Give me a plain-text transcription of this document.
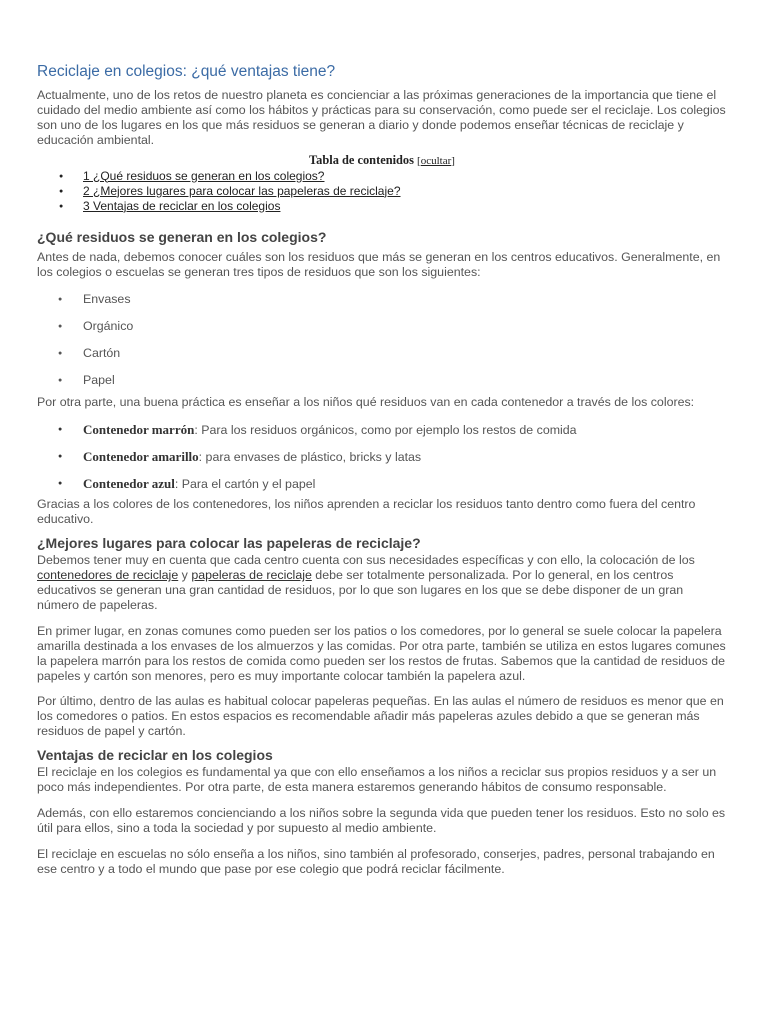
Reciclaje en colegios: ¿qué ventajas tiene?

Actualmente, uno de los retos de nuestro planeta es concienciar a las próximas generaciones de la importancia que tiene el cuidado del medio ambiente así como los hábitos y prácticas para su conservación, como puede ser el reciclaje. Los colegios son uno de los lugares en los que más residuos se generan a diario y donde podemos enseñar técnicas de reciclaje y educación ambiental.

Tabla de contenidos [ocultar]
● 1 ¿Qué residuos se generan en los colegios?
● 2 ¿Mejores lugares para colocar las papeleras de reciclaje?
● 3 Ventajas de reciclar en los colegios
¿Qué residuos se generan en los colegios?

Antes de nada, debemos conocer cuáles son los residuos que más se generan en los centros educativos. Generalmente, en los colegios o escuelas se generan tres tipos de residuos que son los siguientes:

● Envases
● Orgánico
● Cartón
● Papel

Por otra parte, una buena práctica es enseñar a los niños qué residuos van en cada contenedor a través de los colores:

● Contenedor marrón: Para los residuos orgánicos, como por ejemplo los restos de comida
● Contenedor amarillo: para envases de plástico, bricks y latas
● Contenedor azul: Para el cartón y el papel

Gracias a los colores de los contenedores, los niños aprenden a reciclar los residuos tanto dentro como fuera del centro educativo.

¿Mejores lugares para colocar las papeleras de reciclaje?

Debemos tener muy en cuenta que cada centro cuenta con sus necesidades específicas y con ello, la colocación de los contenedores de reciclaje y papeleras de reciclaje debe ser totalmente personalizada. Por lo general, en los centros educativos se generan una gran cantidad de residuos, por lo que son lugares en los que se debe disponer de un gran número de papeleras.

En primer lugar, en zonas comunes como pueden ser los patios o los comedores, por lo general se suele colocar la papelera amarilla destinada a los envases de los almuerzos y las comidas. Por otra parte, también se utiliza en estos lugares comunes la papelera marrón para los restos de comida como pueden ser los restos de frutas. Sabemos que la cantidad de residuos de papeles y cartón son menores, pero es muy importante colocar también la papelera azul.

Por último, dentro de las aulas es habitual colocar papeleras pequeñas. En las aulas el número de residuos es menor que en los comedores o patios. En estos espacios es recomendable añadir más papeleras azules debido a que se generan más residuos de papel y cartón.

Ventajas de reciclar en los colegios

El reciclaje en los colegios es fundamental ya que con ello enseñamos a los niños a reciclar sus propios residuos y a ser un poco más independientes. Por otra parte, de esta manera estaremos generando hábitos de consumo responsable.

Además, con ello estaremos concienciando a los niños sobre la segunda vida que pueden tener los residuos. Esto no solo es útil para ellos, sino a toda la sociedad y por supuesto al medio ambiente.

El reciclaje en escuelas no sólo enseña a los niños, sino también al profesorado, conserjes, padres, personal trabajando en ese centro y a todo el mundo que pase por ese colegio que podrá reciclar fácilmente.
